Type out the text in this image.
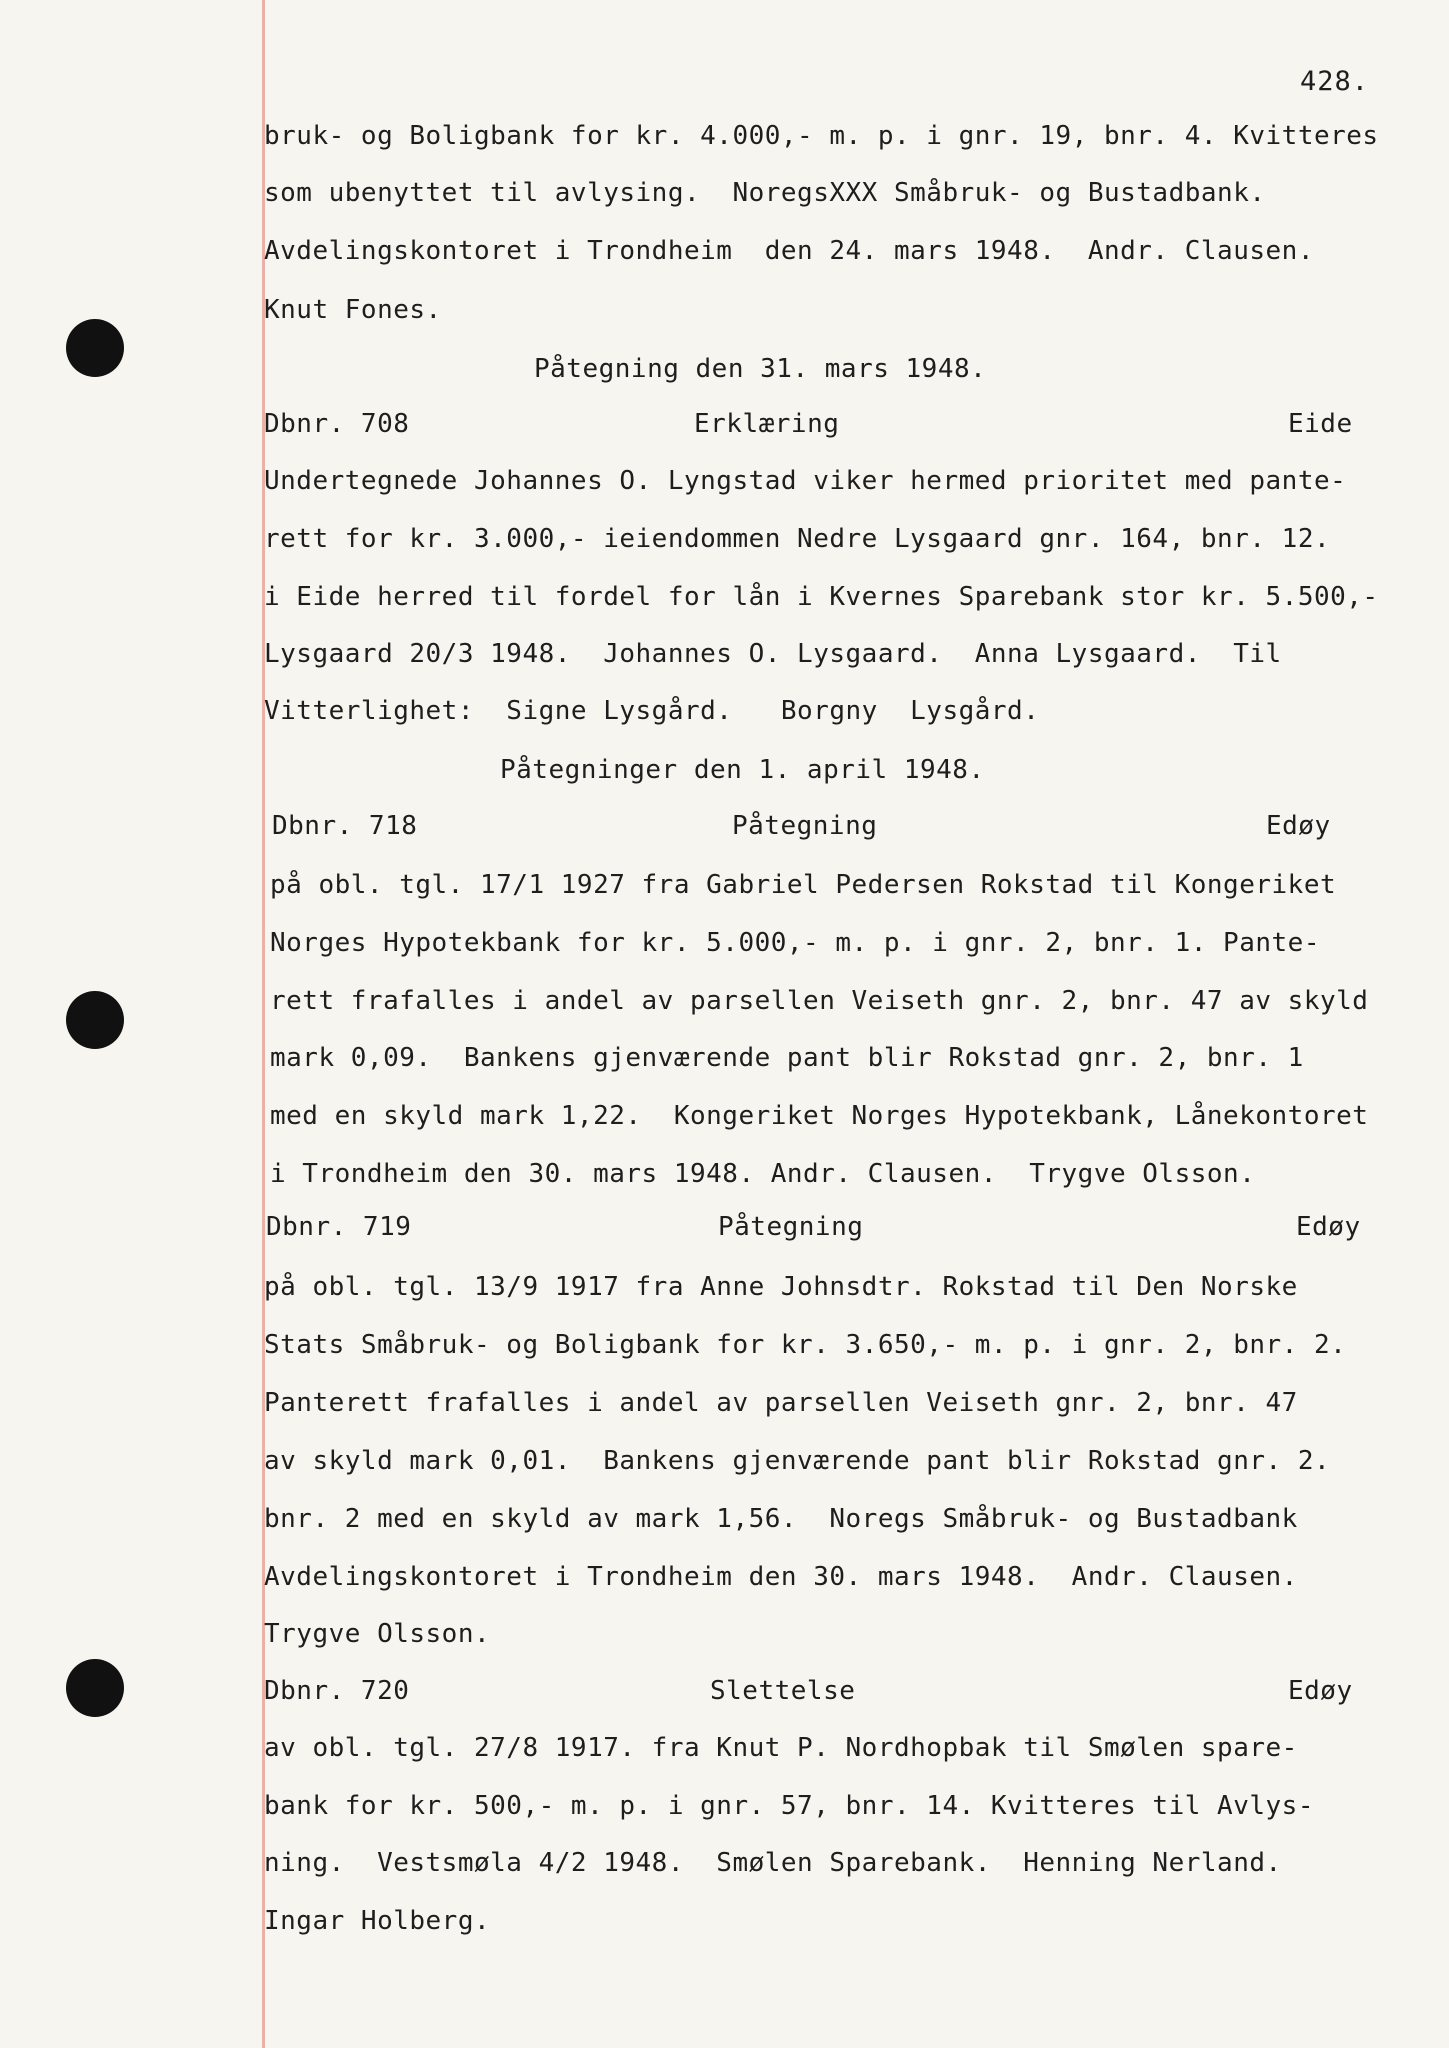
428.
bruk- og Boligbank for kr. 4.000,- m. p. i gnr. 19, bnr. 4. Kvitteres
som ubenyttet til avlysing.  NoregsXXX Småbruk- og Bustadbank.
Avdelingskontoret i Trondheim  den 24. mars 1948.  Andr. Clausen.
Knut Fones.
Påtegning den 31. mars 1948.

Dbnr. 708

	Erklæring

	Eide

Undertegnede Johannes O. Lyngstad viker hermed prioritet med pante-
rett for kr. 3.000,- ieiendommen Nedre Lysgaard gnr. 164, bnr. 12.
i Eide herred til fordel for lån i Kvernes Sparebank stor kr. 5.500,-
Lysgaard 20/3 1948.  Johannes O. Lysgaard.  Anna Lysgaard.  Til
Vitterlighet:  Signe Lysgård.   Borgny  Lysgård.
Påtegninger den 1. april 1948.

Dbnr. 718

	Påtegning

	Edøy

på obl. tgl. 17/1 1927 fra Gabriel Pedersen Rokstad til Kongeriket
Norges Hypotekbank for kr. 5.000,- m. p. i gnr. 2, bnr. 1. Pante-
rett frafalles i andel av parsellen Veiseth gnr. 2, bnr. 47 av skyld
mark 0,09.  Bankens gjenværende pant blir Rokstad gnr. 2, bnr. 1
med en skyld mark 1,22.  Kongeriket Norges Hypotekbank, Lånekontoret
i Trondheim den 30. mars 1948. Andr. Clausen.  Trygve Olsson.

Dbnr. 719

	Påtegning

	Edøy

på obl. tgl. 13/9 1917 fra Anne Johnsdtr. Rokstad til Den Norske
Stats Småbruk- og Boligbank for kr. 3.650,- m. p. i gnr. 2, bnr. 2.
Panterett frafalles i andel av parsellen Veiseth gnr. 2, bnr. 47
av skyld mark 0,01.  Bankens gjenværende pant blir Rokstad gnr. 2.
bnr. 2 med en skyld av mark 1,56.  Noregs Småbruk- og Bustadbank
Avdelingskontoret i Trondheim den 30. mars 1948.  Andr. Clausen.
Trygve Olsson.

Dbnr. 720

	Slettelse

	Edøy

av obl. tgl. 27/8 1917. fra Knut P. Nordhopbak til Smølen spare-
bank for kr. 500,- m. p. i gnr. 57, bnr. 14. Kvitteres til Avlys-
ning.  Vestsmøla 4/2 1948.  Smølen Sparebank.  Henning Nerland.
Ingar Holberg.
